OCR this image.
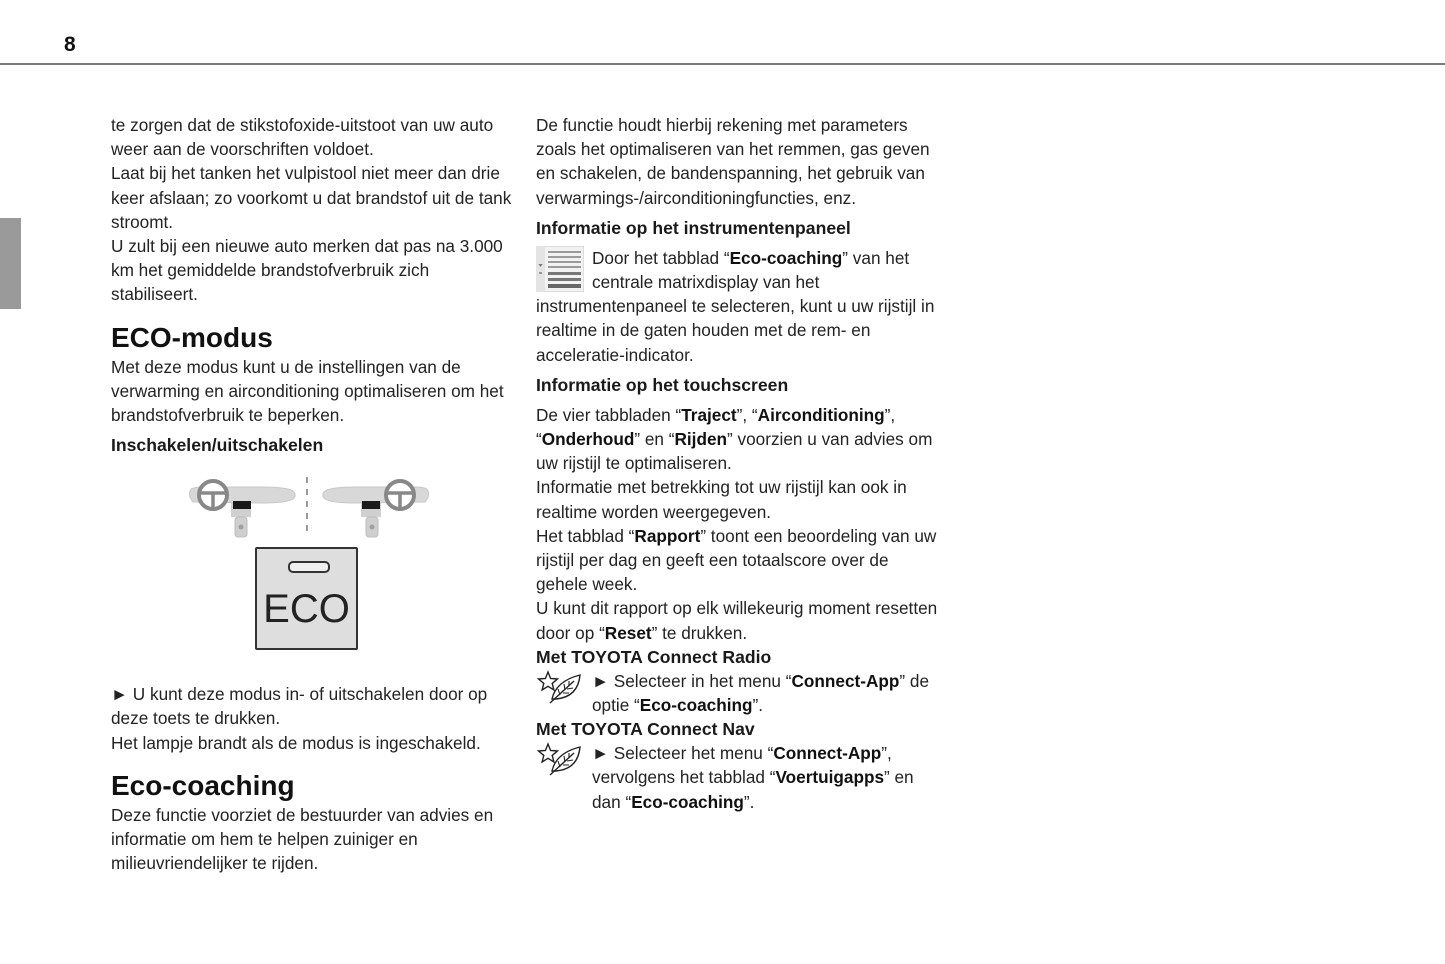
8

te zorgen dat de stikstofoxide-uitstoot van uw auto weer aan de voorschriften voldoet.

Laat bij het tanken het vulpistool niet meer dan drie keer afslaan; zo voorkomt u dat brandstof uit de tank stroomt.

U zult bij een nieuwe auto merken dat pas na 3.000 km het gemiddelde brandstofverbruik zich stabiliseert.

ECO-modus

Met deze modus kunt u de instellingen van de verwarming en airconditioning optimaliseren om het brandstofverbruik te beperken.

Inschakelen/uitschakelen
ECO

► U kunt deze modus in- of uitschakelen door op deze toets te drukken.

Het lampje brandt als de modus is ingeschakeld.

Eco-coaching

Deze functie voorziet de bestuurder van advies en informatie om hem te helpen zuiniger en milieuvriendelijker te rijden.

De functie houdt hierbij rekening met parameters zoals het optimaliseren van het remmen, gas geven en schakelen, de bandenspanning, het gebruik van verwarmings-/airconditioningfuncties, enz.

Informatie op het instrumentenpaneel

Door het tabblad “Eco-coaching” van het centrale matrixdisplay van het instrumentenpaneel te selecteren, kunt u uw rijstijl in realtime in de gaten houden met de rem- en acceleratie-indicator.

Informatie op het touchscreen

De vier tabbladen “Traject”, “Airconditioning”, “Onderhoud” en “Rijden” voorzien u van advies om uw rijstijl te optimaliseren.

Informatie met betrekking tot uw rijstijl kan ook in realtime worden weergegeven.

Het tabblad “Rapport” toont een beoordeling van uw rijstijl per dag en geeft een totaalscore over de gehele week.

U kunt dit rapport op elk willekeurig moment resetten door op “Reset” te drukken.

Met TOYOTA Connect Radio

► Selecteer in het menu “Connect-App” de optie “Eco-coaching”.

Met TOYOTA Connect Nav

► Selecteer het menu “Connect-App”, vervolgens het tabblad “Voertuigapps” en dan “Eco-coaching”.
